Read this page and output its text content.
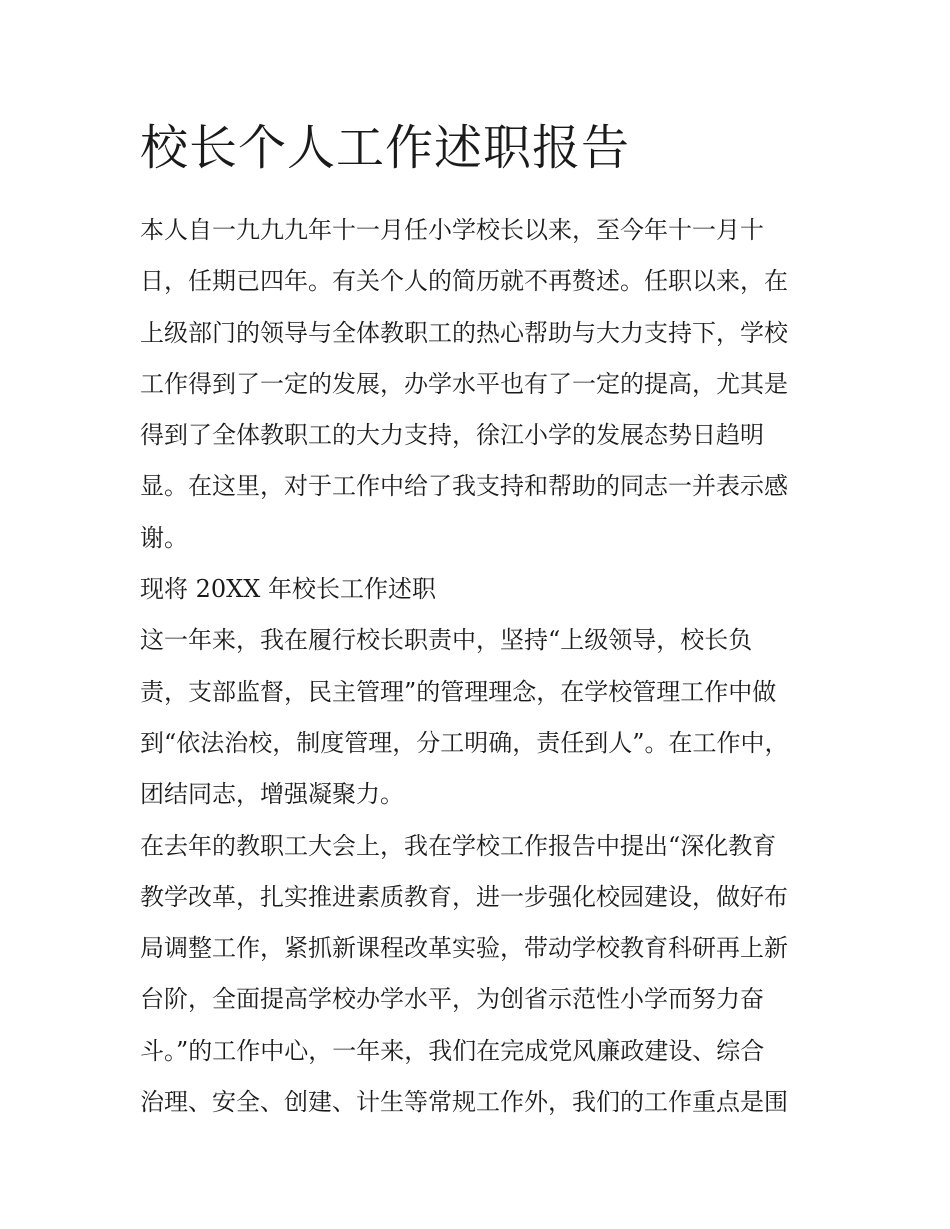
校长个人工作述职报告
本人自一九九九年十一月任小学校长以来，至今年十一月十
日，任期已四年。有关个人的简历就不再赘述。任职以来，在
上级部门的领导与全体教职工的热心帮助与大力支持下，学校
工作得到了一定的发展，办学水平也有了一定的提高，尤其是
得到了全体教职工的大力支持，徐江小学的发展态势日趋明
显。在这里，对于工作中给了我支持和帮助的同志一并表示感
谢。
现将 20XX 年校长工作述职
这一年来，我在履行校长职责中，坚持“上级领导，校长负
责，支部监督，民主管理”的管理理念，在学校管理工作中做
到“依法治校，制度管理，分工明确，责任到人”。在工作中，
团结同志，增强凝聚力。
在去年的教职工大会上，我在学校工作报告中提出“深化教育
教学改革，扎实推进素质教育，进一步强化校园建设，做好布
局调整工作，紧抓新课程改革实验，带动学校教育科研再上新
台阶，全面提高学校办学水平，为创省示范性小学而努力奋
斗。”的工作中心，一年来，我们在完成党风廉政建设、综合
治理、安全、创建、计生等常规工作外，我们的工作重点是围
